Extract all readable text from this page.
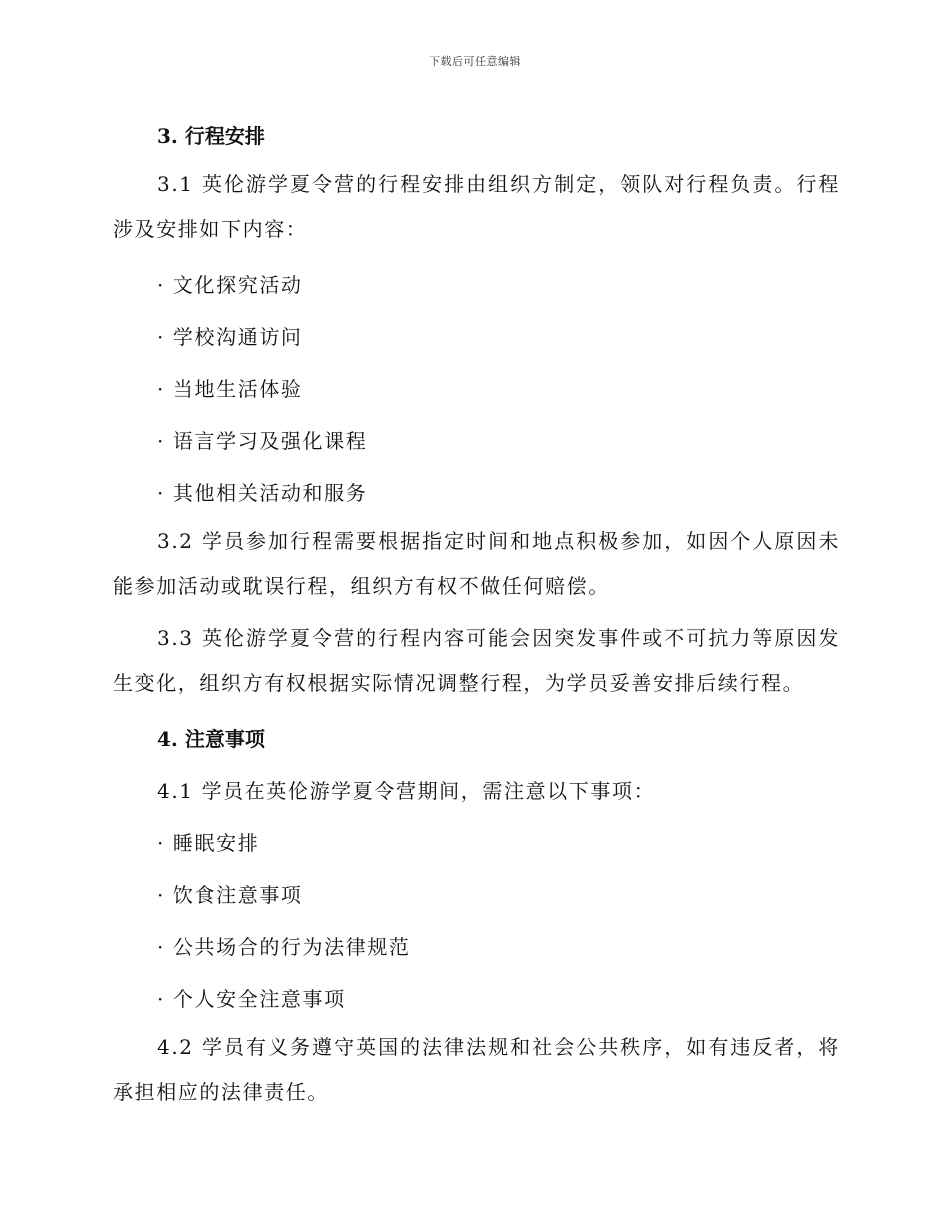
下载后可任意编辑

3. 行程安排

3.1 英伦游学夏令营的行程安排由组织方制定，领队对行程负责。行程涉及安排如下内容：

· 文化探究活动

· 学校沟通访问

· 当地生活体验

· 语言学习及强化课程

· 其他相关活动和服务

3.2 学员参加行程需要根据指定时间和地点积极参加，如因个人原因未能参加活动或耽误行程，组织方有权不做任何赔偿。

3.3 英伦游学夏令营的行程内容可能会因突发事件或不可抗力等原因发生变化，组织方有权根据实际情况调整行程，为学员妥善安排后续行程。

4. 注意事项

4.1 学员在英伦游学夏令营期间，需注意以下事项：

· 睡眠安排

· 饮食注意事项

· 公共场合的行为法律规范

· 个人安全注意事项

4.2 学员有义务遵守英国的法律法规和社会公共秩序，如有违反者，将承担相应的法律责任。
